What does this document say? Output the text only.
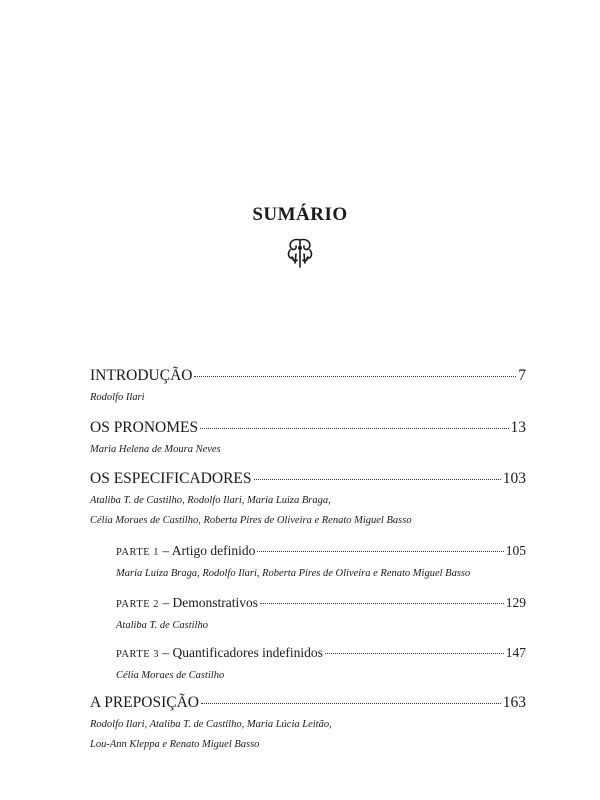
SUMÁRIO
INTRODUÇÃO	7
Rodolfo Ilari
OS PRONOMES	13
Maria Helena de Moura Neves
OS ESPECIFICADORES	103
Ataliba T. de Castilho, Rodolfo Ilari, Maria Luiza Braga,
Célia Moraes de Castilho, Roberta Pires de Oliveira e Renato Miguel Basso
PARTE 1 – Artigo definido	105
Maria Luiza Braga, Rodolfo Ilari, Roberta Pires de Oliveira e Renato Miguel Basso
PARTE 2 – Demonstrativos	129
Ataliba T. de Castilho
PARTE 3 – Quantificadores indefinidos	147
Célia Moraes de Castilho
A PREPOSIÇÃO	163
Rodolfo Ilari, Ataliba T. de Castilho, Maria Lúcia Leitão,
Lou-Ann Kleppa e Renato Miguel Basso
